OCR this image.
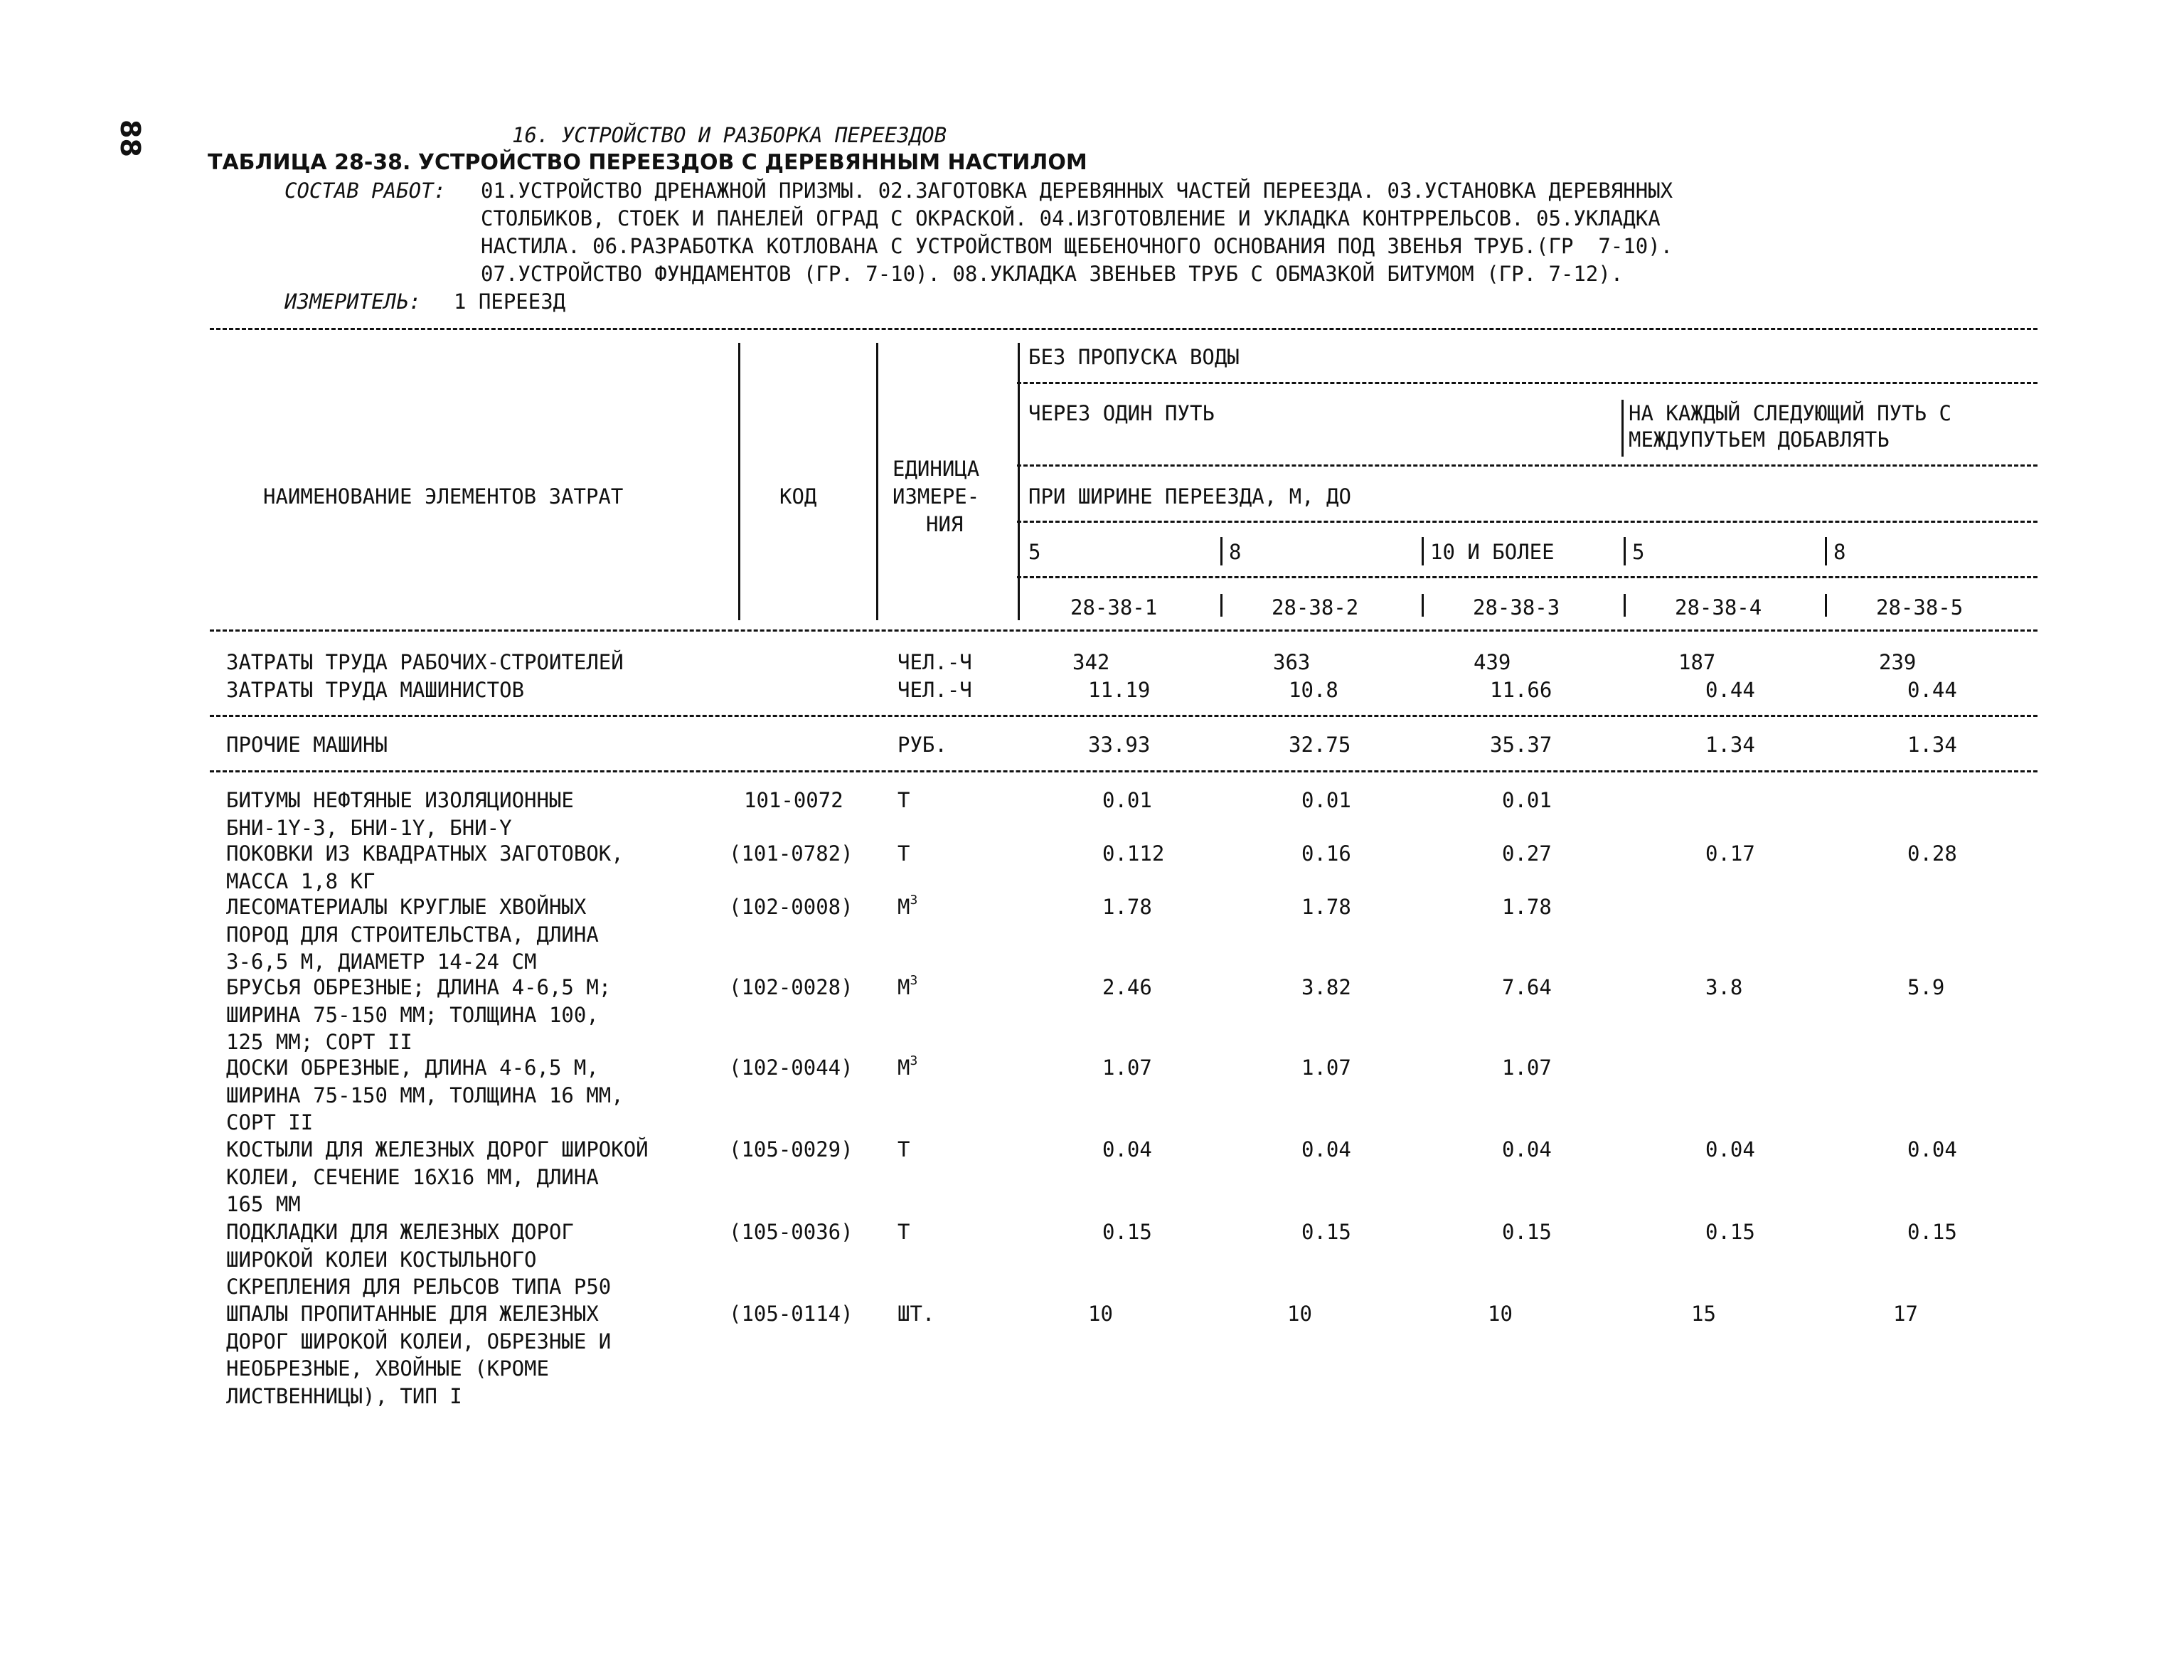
88	16. УСТРОЙСТВО И РАЗБОРКА ПЕРЕЕЗДОВ
ТАБЛИЦА 28-38. УСТРОЙСТВО ПЕРЕЕЗДОВ С ДЕРЕВЯННЫМ НАСТИЛОМ
СОСТАВ РАБОТ: 01.УСТРОЙСТВО ДРЕНАЖНОЙ ПРИЗМЫ. 02.ЗАГОТОВКА ДЕРЕВЯННЫХ ЧАСТЕЙ ПЕРЕЕЗДА. 03.УСТАНОВКА ДЕРЕВЯННЫХ
СТОЛБИКОВ, СТОЕК И ПАНЕЛЕЙ ОГРАД С ОКРАСКОЙ. 04.ИЗГОТОВЛЕНИЕ И УКЛАДКА КОНТРРЕЛЬСОВ. 05.УКЛАДКА
НАСТИЛА. 06.РАЗРАБОТКА КОТЛОВАНА С УСТРОЙСТВОМ ЩЕБЕНОЧНОГО ОСНОВАНИЯ ПОД ЗВЕНЬЯ ТРУБ.(ГР  7-10).
07.УСТРОЙСТВО ФУНДАМЕНТОВ (ГР. 7-10). 08.УКЛАДКА ЗВЕНЬЕВ ТРУБ С ОБМАЗКОЙ БИТУМОМ (ГР. 7-12).
ИЗМЕРИТЕЛЬ: 1 ПЕРЕЕЗД
НАИМЕНОВАНИЕ ЭЛЕМЕНТОВ ЗАТРАТ	КОД
ЕДИНИЦА
ИЗМЕРЕ-
НИЯ
БЕЗ ПРОПУСКА ВОДЫ
ЧЕРЕЗ ОДИН ПУТЬ	НА КАЖДЫЙ СЛЕДУЮЩИЙ ПУТЬ С
МЕЖДУПУТЬЕМ ДОБАВЛЯТЬ
ПРИ ШИРИНЕ ПЕРЕЕЗДА, М, ДО
5	8	10 И БОЛЕЕ	5	8
28-38-1	28-38-2	28-38-3	28-38-4	28-38-5
ЗАТРАТЫ ТРУДА РАБОЧИХ-СТРОИТЕЛЕЙ	ЧЕЛ.-Ч	342	363	439	187	239
ЗАТРАТЫ ТРУДА МАШИНИСТОВ	ЧЕЛ.-Ч	11.19	10.8	11.66	0.44	0.44
ПРОЧИЕ МАШИНЫ	РУБ.	33.93	32.75	35.37	1.34	1.34
БИТУМЫ НЕФТЯНЫЕ ИЗОЛЯЦИОННЫЕ
БНИ-1Y-3, БНИ-1Y, БНИ-Y
101-0072	Т	0.01	0.01	0.01
ПОКОВКИ ИЗ КВАДРАТНЫХ ЗАГОТОВОК,
МАССА 1,8 КГ
(101-0782) Т	0.112	0.16	0.27	0.17	0.28
ЛЕСОМАТЕРИАЛЫ КРУГЛЫЕ ХВОЙНЫХ
ПОРОД ДЛЯ СТРОИТЕЛЬСТВА, ДЛИНА
3-6,5 М, ДИАМЕТР 14-24 СМ
(102-0008) $М^3$	1.78	1.78	1.78
БРУСЬЯ ОБРЕЗНЫЕ; ДЛИНА 4-6,5 М;
ШИРИНА 75-150 ММ; ТОЛЩИНА 100,
125 ММ; СОРТ II
(102-0028) $М^3$	2.46	3.82	7.64	3.8	5.9
ДОСКИ ОБРЕЗНЫЕ, ДЛИНА 4-6,5 М,
ШИРИНА 75-150 ММ, ТОЛЩИНА 16 ММ,
СОРТ II
(102-0044) $М^3$	1.07	1.07	1.07
КОСТЫЛИ ДЛЯ ЖЕЛЕЗНЫХ ДОРОГ ШИРОКОЙ
КОЛЕИ, СЕЧЕНИЕ 16Х16 ММ, ДЛИНА
165 ММ
(105-0029) Т	0.04	0.04	0.04	0.04	0.04
ПОДКЛАДКИ ДЛЯ ЖЕЛЕЗНЫХ ДОРОГ
ШИРОКОЙ КОЛЕИ КОСТЫЛЬНОГО
СКРЕПЛЕНИЯ ДЛЯ РЕЛЬСОВ ТИПА Р50
(105-0036) Т	0.15	0.15	0.15	0.15	0.15
ШПАЛЫ ПРОПИТАННЫЕ ДЛЯ ЖЕЛЕЗНЫХ
ДОРОГ ШИРОКОЙ КОЛЕИ, ОБРЕЗНЫЕ И
НЕОБРЕЗНЫЕ, ХВОЙНЫЕ (КРОМЕ
ЛИСТВЕННИЦЫ), ТИП I
(105-0114) ШТ.	10	10	10	15	17
